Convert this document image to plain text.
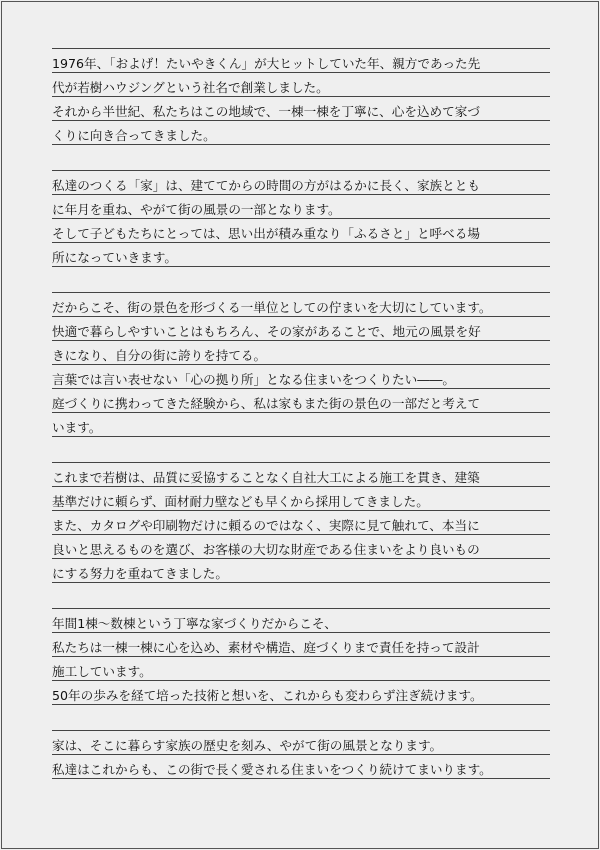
1976年、「およげ！たいやきくん」が大ヒットしていた年、親方であった先
代が若樹ハウジングという社名で創業しました。
それから半世紀、私たちはこの地域で、一棟一棟を丁寧に、心を込めて家づ
くりに向き合ってきました。
私達のつくる「家」は、建ててからの時間の方がはるかに長く、家族ととも
に年月を重ね、やがて街の風景の一部となります。
そして子どもたちにとっては、思い出が積み重なり「ふるさと」と呼べる場
所になっていきます。
だからこそ、街の景色を形づくる一単位としての佇まいを大切にしています。
快適で暮らしやすいことはもちろん、その家があることで、地元の風景を好
きになり、自分の街に誇りを持てる。
言葉では言い表せない「心の拠り所」となる住まいをつくりたい――。
庭づくりに携わってきた経験から、私は家もまた街の景色の一部だと考えて
います。
これまで若樹は、品質に妥協することなく自社大工による施工を貫き、建築
基準だけに頼らず、面材耐力壁なども早くから採用してきました。
また、カタログや印刷物だけに頼るのではなく、実際に見て触れて、本当に
良いと思えるものを選び、お客様の大切な財産である住まいをより良いもの
にする努力を重ねてきました。
年間1棟〜数棟という丁寧な家づくりだからこそ、
私たちは一棟一棟に心を込め、素材や構造、庭づくりまで責任を持って設計
施工しています。
50年の歩みを経て培った技術と想いを、これからも変わらず注ぎ続けます。
家は、そこに暮らす家族の歴史を刻み、やがて街の風景となります。
私達はこれからも、この街で長く愛される住まいをつくり続けてまいります。
